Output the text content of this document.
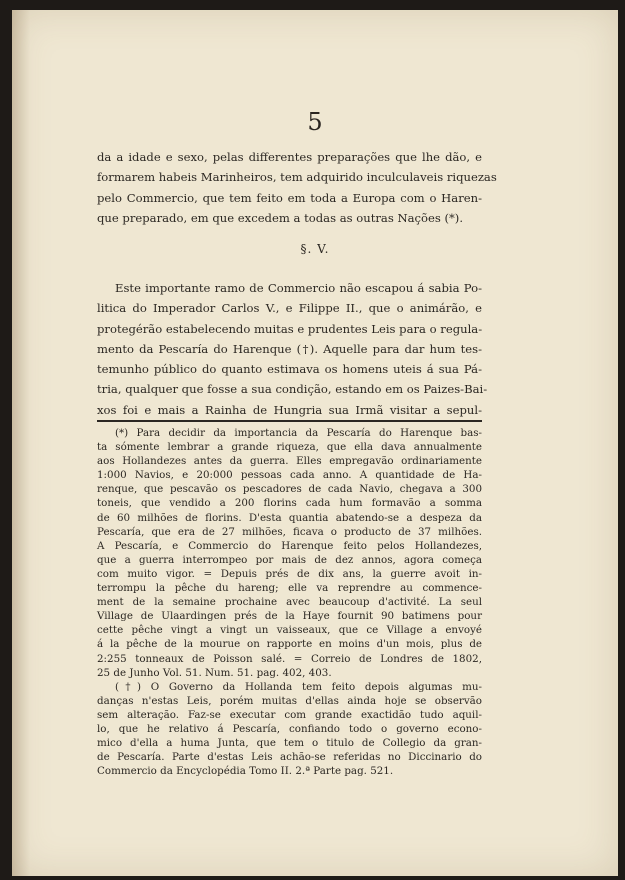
5
da a idade e sexo, pelas differentes preparações que lhe dão, e
formarem habeis Marinheiros, tem adquirido inculculaveis riquezas
pelo Commercio, que tem feito em toda a Europa com o Haren-
que preparado, em que excedem a todas as outras Nações (*).
§. V.
Este importante ramo de Commercio não escapou á sabia Po-
litica do Imperador Carlos V., e Filippe II., que o animárão, e
protegérão estabelecendo muitas e prudentes Leis para o regula-
mento da Pescaría do Harenque (†). Aquelle para dar hum tes-
temunho público do quanto estimava os homens uteis á sua Pá-
tria, qualquer que fosse a sua condição, estando em os Paizes-Bai-
xos foi e mais a Rainha de Hungria sua Irmã visitar a sepul-
(*) Para decidir da importancia da Pescaría do Harenque bas-
ta sómente lembrar a grande riqueza, que ella dava annualmente
aos Hollandezes antes da guerra. Elles empregavão ordinariamente
1:000 Navios, e 20:000 pessoas cada anno. A quantidade de Ha-
renque, que pescavão os pescadores de cada Navio, chegava a 300
toneis, que vendido a 200 florins cada hum formavão a somma
de 60 milhões de florins. D'esta quantia abatendo-se a despeza da
Pescaría, que era de 27 milhões, ficava o producto de 37 milhões.
A Pescaría, e Commercio do Harenque feito pelos Hollandezes,
que a guerra interrompeo por mais de dez annos, agora começa
com muito vigor. = Depuis prés de dix ans, la guerre avoit in-
terrompu la pêche du hareng; elle va reprendre au commence-
ment de la semaine prochaine avec beaucoup d'activité. La seul
Village de Ulaardingen prés de la Haye fournit 90 batimens pour
cette pêche vingt a vingt un vaisseaux, que ce Village a envoyé
á la pêche de la mourue on rapporte en moins d'un mois, plus de
2:255 tonneaux de Poisson salé. = Correio de Londres de 1802,
25 de Junho Vol. 51. Num. 51. pag. 402, 403.
(†) O Governo da Hollanda tem feito depois algumas mu-
danças n'estas Leis, porém muitas d'ellas ainda hoje se observão
sem alteração. Faz-se executar com grande exactidão tudo aquil-
lo, que he relativo á Pescaría, confiando todo o governo econo-
mico d'ella a huma Junta, que tem o titulo de Collegio da gran-
de Pescaría. Parte d'estas Leis achão-se referidas no Diccinario do
Commercio da Encyclopédia Tomo II. 2.ª Parte pag. 521.
